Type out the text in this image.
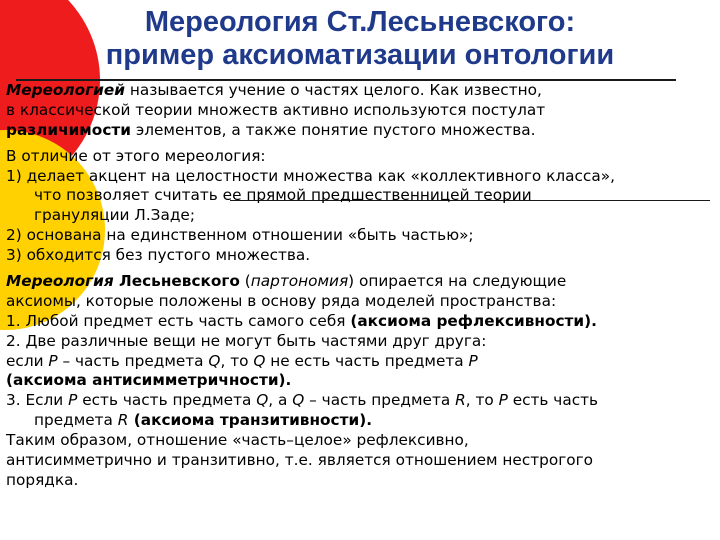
Мереология Ст.Лесьневского:
пример аксиоматизации онтологии
Мереологией называется учение о частях целого. Как известно,
в классической теории множеств активно используются постулат
различимости элементов, а также понятие пустого множества.
В отличие от этого мереология:
1) делает акцент на целостности множества как «коллективного класса»,
что позволяет считать ее прямой предшественницей теории
грануляции Л.Заде;
2) основана на единственном отношении «быть частью»;
3) обходится без пустого множества.
Мереология Лесьневского (партономия) опирается на следующие
аксиомы, которые положены в основу ряда моделей пространства:
1. Любой предмет есть часть самого себя (аксиома рефлексивности).
2. Две различные вещи не могут быть частями друг друга:
если P – часть предмета Q, то Q не есть часть предмета P
(аксиома антисимметричности).
3. Если P есть часть предмета Q, а Q – часть предмета R, то P есть часть
предмета R (аксиома транзитивности).
Таким образом, отношение «часть–целое» рефлексивно,
антисимметрично и транзитивно, т.е. является отношением нестрогого
порядка.
